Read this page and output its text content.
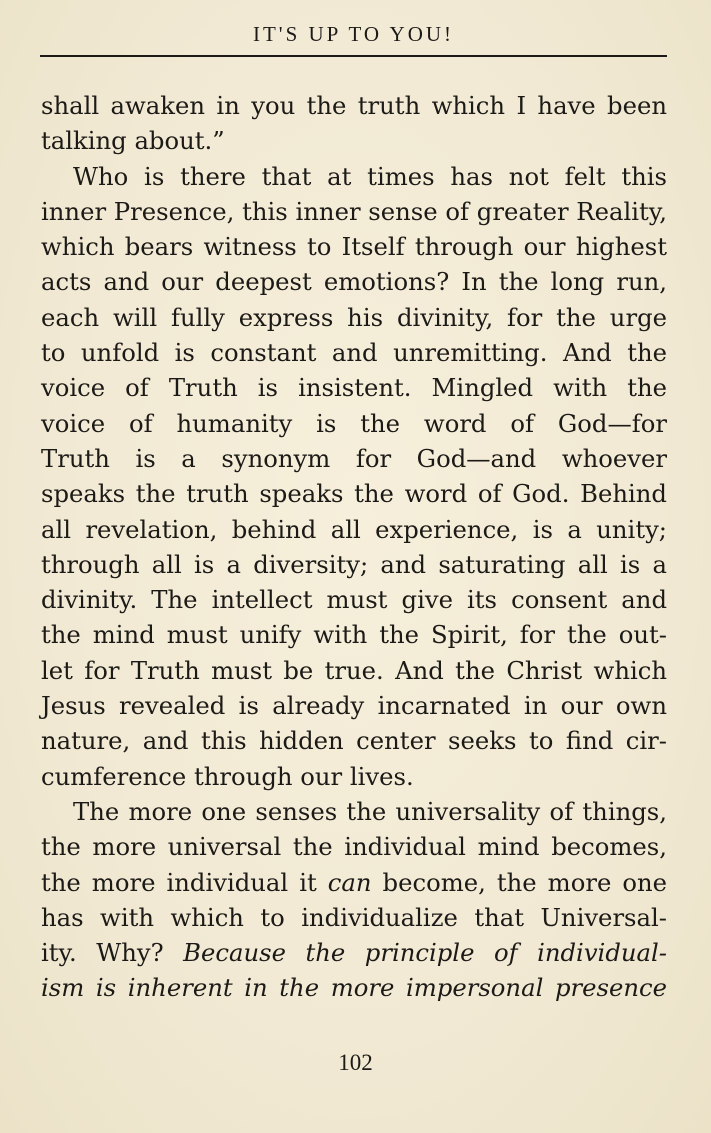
IT'S UP TO YOU!
shall awaken in you the truth which I have been
talking about.”
Who is there that at times has not felt this
inner Presence, this inner sense of greater Reality,
which bears witness to Itself through our highest
acts and our deepest emotions? In the long run,
each will fully express his divinity, for the urge
to unfold is constant and unremitting. And the
voice of Truth is insistent. Mingled with the
voice of humanity is the word of God—for
Truth is a synonym for God—and whoever
speaks the truth speaks the word of God. Behind
all revelation, behind all experience, is a unity;
through all is a diversity; and saturating all is a
divinity. The intellect must give its consent and
the mind must unify with the Spirit, for the out-
let for Truth must be true. And the Christ which
Jesus revealed is already incarnated in our own
nature, and this hidden center seeks to find cir-
cumference through our lives.
The more one senses the universality of things,
the more universal the individual mind becomes,
the more individual it can become, the more one
has with which to individualize that Universal-
ity. Why? Because the principle of individual-
ism is inherent in the more impersonal presence
102
